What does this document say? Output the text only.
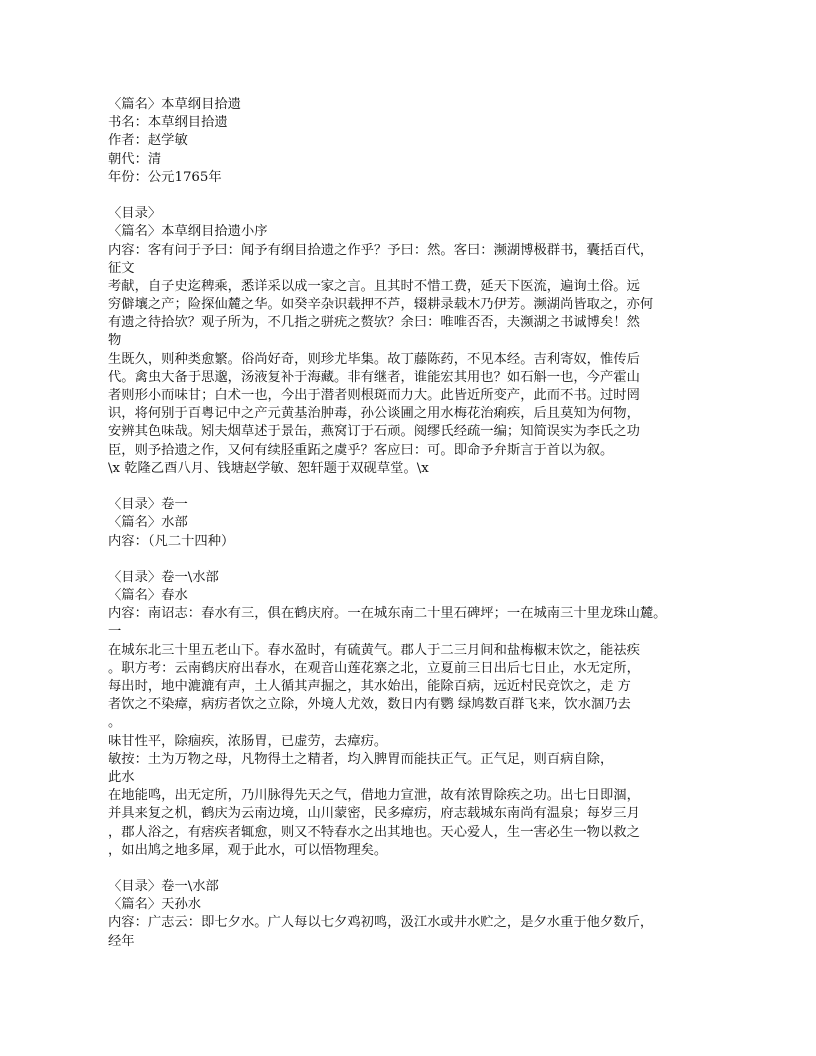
〈篇名〉本草纲目拾遗
书名：本草纲目拾遗
作者：赵学敏
朝代：清
年份：公元1765年
〈目录〉
〈篇名〉本草纲目拾遗小序
内容：客有问于予曰：闻予有纲目拾遗之作乎？予曰：然。客曰：濒湖博极群书，囊括百代，
征文
考献，自子史迄稗乘，悉详采以成一家之言。且其时不惜工费，延天下医流，遍询土俗。远
穷僻壤之产；险探仙麓之华。如癸辛杂识载押不芦，辍耕录载木乃伊芳。濒湖尚皆取之，亦何
有遗之待拾欤？观子所为，不几指之骈疣之赘欤？余曰：唯唯否否，夫濒湖之书诚博矣！然
物
生既久，则种类愈繁。俗尚好奇，则珍尤毕集。故丁藤陈药，不见本经。吉利寄奴，惟传后
代。禽虫大备于思邈，汤液复补于海藏。非有继者，谁能宏其用也？如石斛一也，今产霍山
者则形小而味甘；白术一也，今出于潜者则根斑而力大。此皆近所变产，此而不书。过时罔
识，将何别于百粤记中之产元黄基治肿毒，孙公谈圃之用水梅花治痢疾，后且莫知为何物，
安辨其色味哉。矧夫烟草述于景缶，燕窝订于石顽。阅缪氏经疏一编；知简误实为李氏之功
臣，则予拾遗之作，又何有续胫重跖之虞乎？客应曰：可。即命予弁斯言于首以为叙。
\x 乾隆乙酉八月、钱塘赵学敏、恕轩题于双砚草堂。\x
〈目录〉卷一
〈篇名〉水部
内容：（凡二十四种）
〈目录〉卷一\水部
〈篇名〉春水
内容：南诏志：春水有三，俱在鹤庆府。一在城东南二十里石碑坪；一在城南三十里龙珠山麓。
一
在城东北三十里五老山下。春水盈时，有硫黄气。郡人于二三月间和盐梅椒末饮之，能祛疾
。职方考：云南鹤庆府出春水，在观音山莲花寨之北，立夏前三日出后七日止，水无定所，
每出时，地中漉漉有声，土人循其声掘之，其水始出，能除百病，远近村民竞饮之，走 方
者饮之不染瘴，病疠者饮之立除，外境人尤效，数日内有鹦 绿鸠数百群飞来，饮水涸乃去
。
味甘性平，除痼疾，浓肠胃，已虚劳，去瘴疠。
敏按：土为万物之母，凡物得土之精者，均入脾胃而能扶正气。正气足，则百病自除，
此水
在地能鸣，出无定所，乃川脉得先天之气，借地力宣泄，故有浓胃除疾之功。出七日即涸，
并具来复之机，鹤庆为云南边境，山川蒙密，民多瘴疠，府志载城东南尚有温泉；每岁三月
，郡人浴之，有痞疾者辄愈，则又不特春水之出其地也。天心爱人，生一害必生一物以救之
，如出鸠之地多犀，观于此水，可以悟物理矣。
〈目录〉卷一\水部
〈篇名〉天孙水
内容：广志云：即七夕水。广人每以七夕鸡初鸣，汲江水或井水贮之，是夕水重于他夕数斤，
经年
